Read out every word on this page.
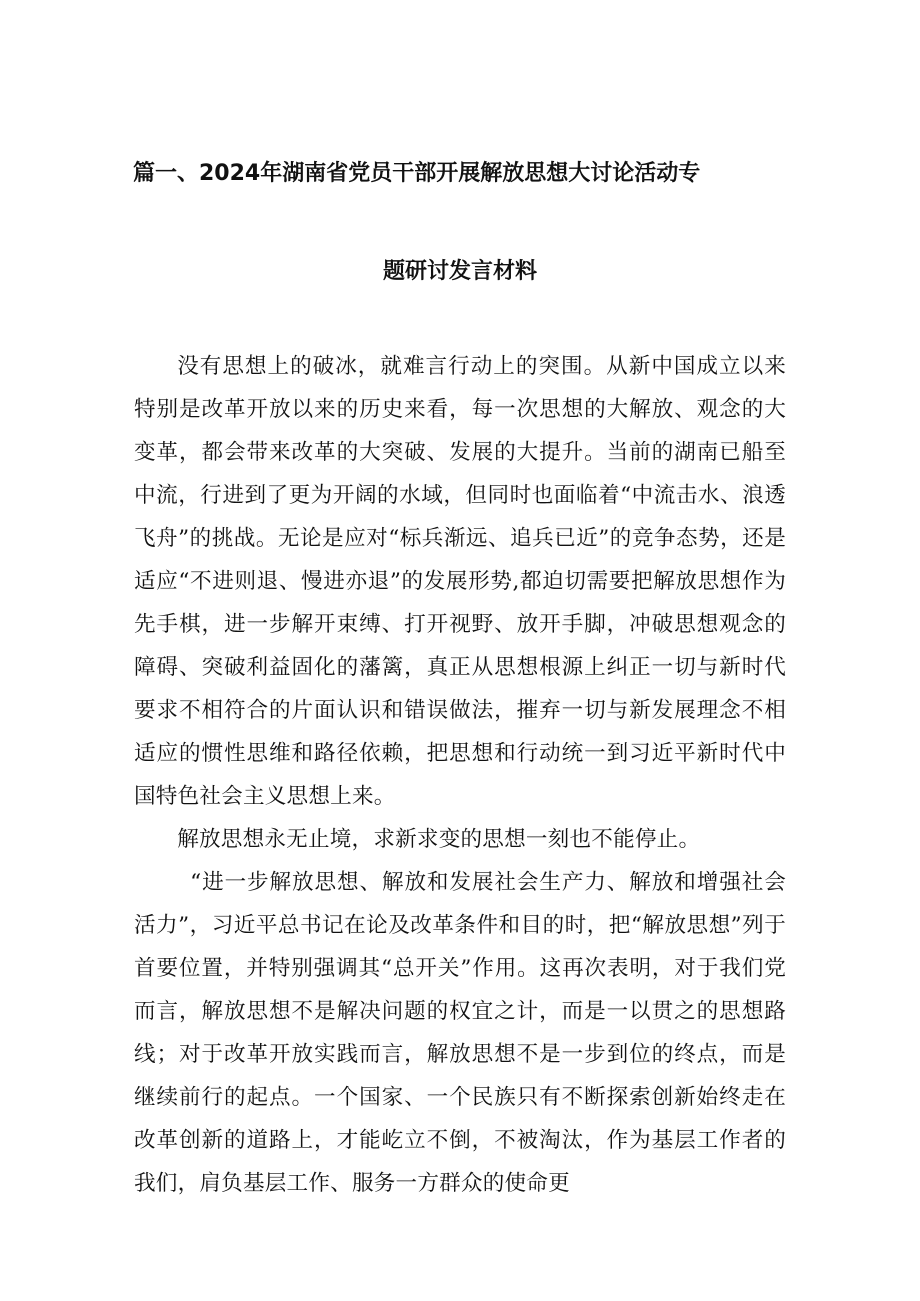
篇一、2024年湖南省党员干部开展解放思想大讨论活动专
题研讨发言材料
没有思想上的破冰，就难言行动上的突围。从新中国成立以来特别是改革开放以来的历史来看，每一次思想的大解放、观念的大变革，都会带来改革的大突破、发展的大提升。当前的湖南已船至中流，行进到了更为开阔的水域，但同时也面临着“中流击水、浪透飞舟”的挑战。无论是应对“标兵渐远、追兵已近”的竞争态势，还是适应“不进则退、慢进亦退”的发展形势,都迫切需要把解放思想作为先手棋，进一步解开束缚、打开视野、放开手脚，冲破思想观念的障碍、突破利益固化的藩篱，真正从思想根源上纠正一切与新时代要求不相符合的片面认识和错误做法，摧弃一切与新发展理念不相适应的惯性思维和路径依赖，把思想和行动统一到习近平新时代中国特色社会主义思想上来。
解放思想永无止境，求新求变的思想一刻也不能停止。
“进一步解放思想、解放和发展社会生产力、解放和增强社会活力”，习近平总书记在论及改革条件和目的时，把“解放思想”列于首要位置，并特别强调其“总开关”作用。这再次表明，对于我们党而言，解放思想不是解决问题的权宜之计，而是一以贯之的思想路线；对于改革开放实践而言，解放思想不是一步到位的终点，而是继续前行的起点。一个国家、一个民族只有不断探索创新始终走在改革创新的道路上，才能屹立不倒，不被淘汰，作为基层工作者的我们，肩负基层工作、服务一方群众的使命更
